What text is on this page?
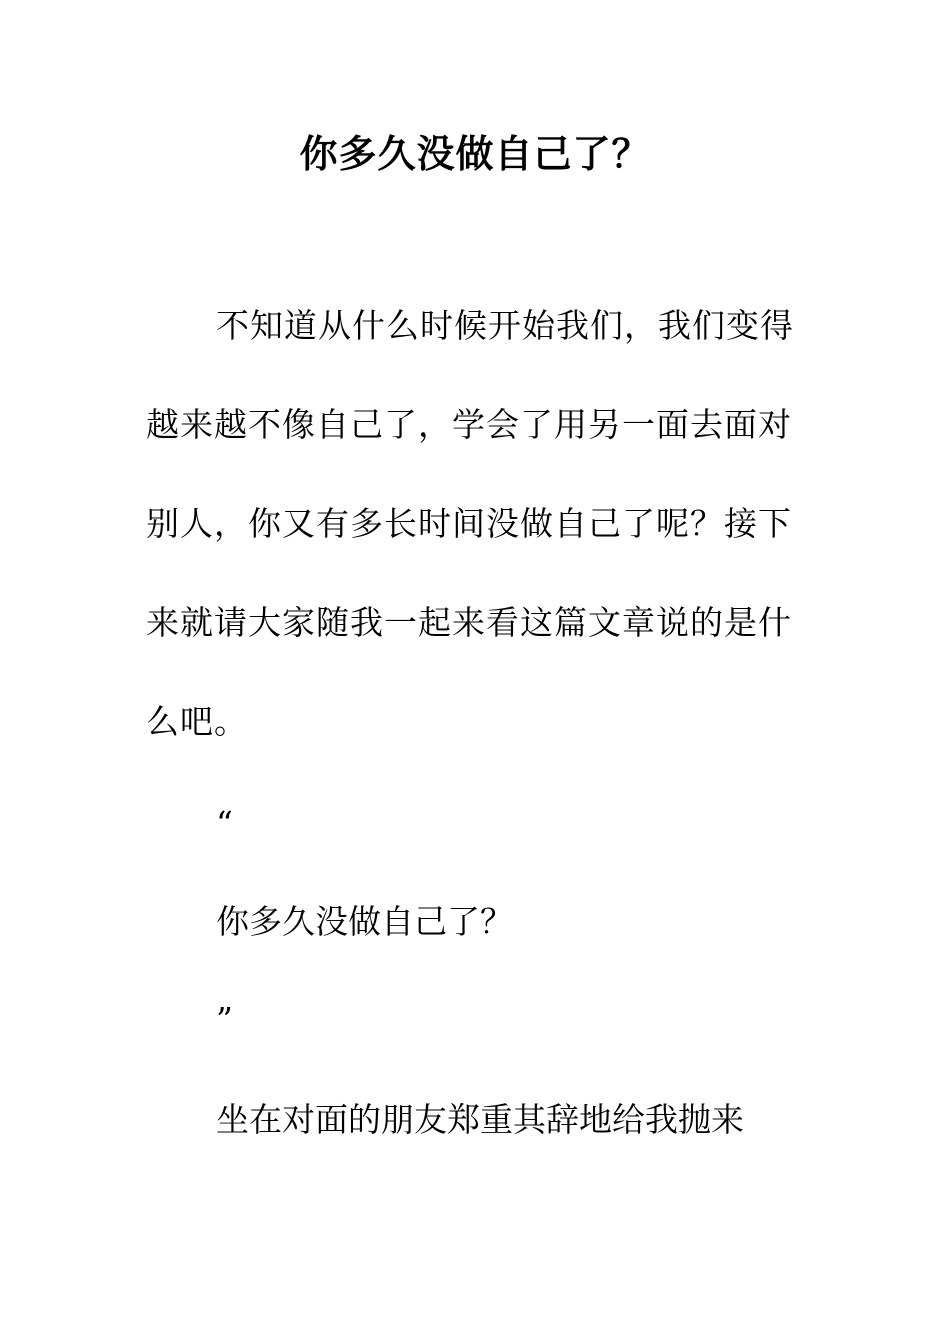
你多久没做自己了？

不知道从什么时候开始我们，我们变得越来越不像自己了，学会了用另一面去面对别人，你又有多长时间没做自己了呢？接下来就请大家随我一起来看这篇文章说的是什么吧。

“

你多久没做自己了？

”

坐在对面的朋友郑重其辞地给我抛来
